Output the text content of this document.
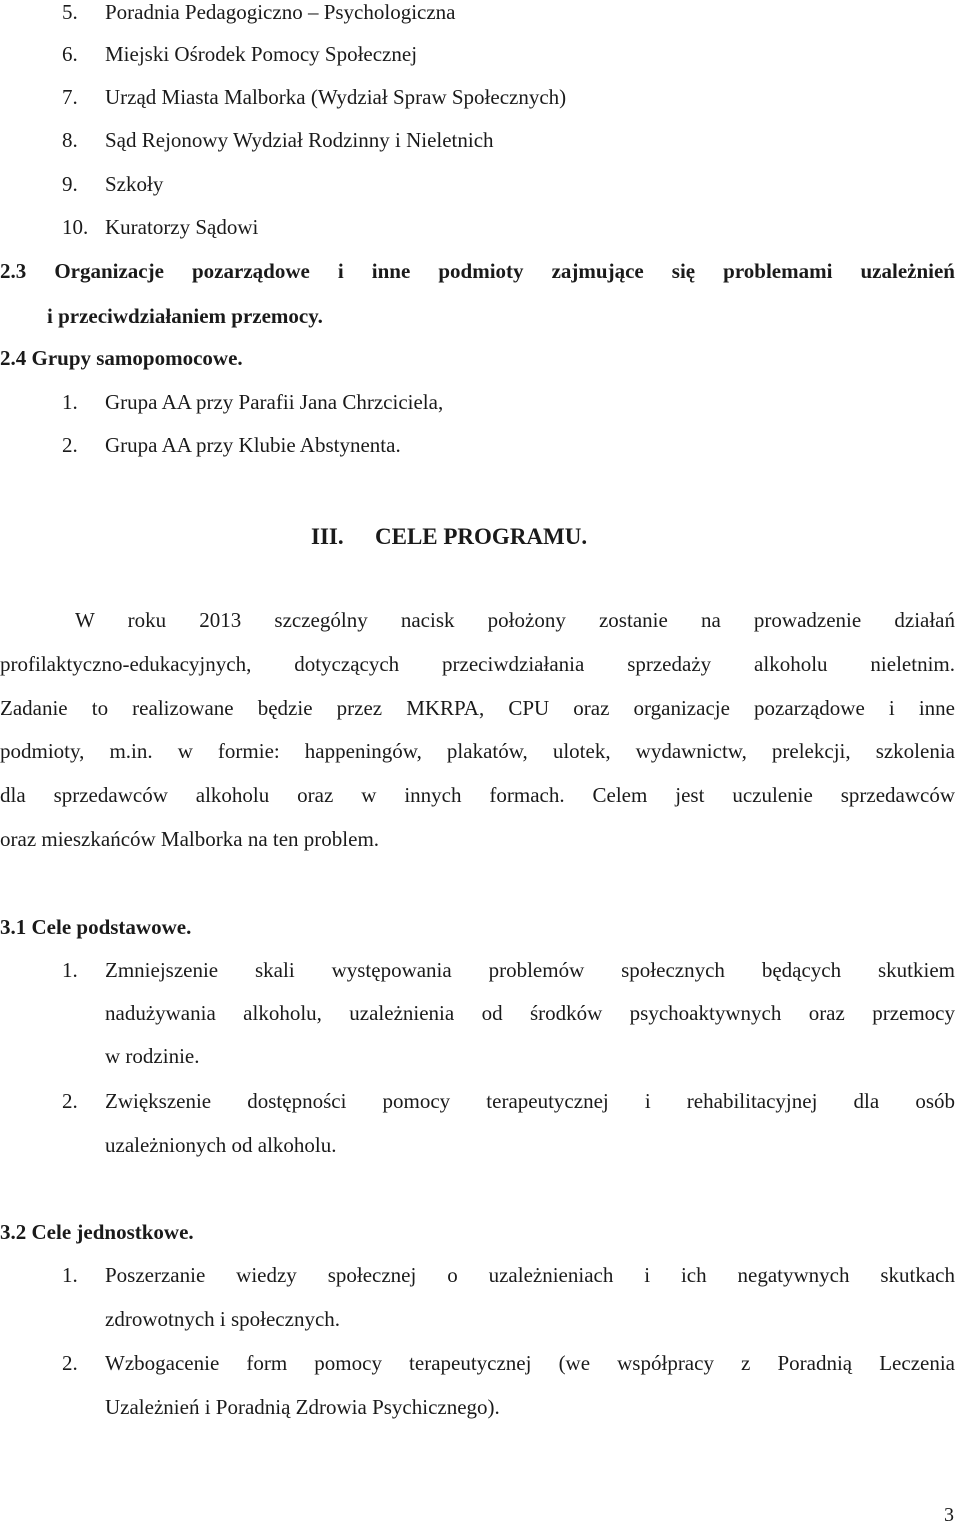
5. Poradnia Pedagogiczno – Psychologiczna
6. Miejski Ośrodek Pomocy Społecznej
7. Urząd Miasta Malborka (Wydział Spraw Społecznych)
8. Sąd Rejonowy Wydział Rodzinny i Nieletnich
9. Szkoły
10. Kuratorzy Sądowi
2.3 Organizacje pozarządowe i inne podmioty zajmujące się problemami uzależnień
i przeciwdziałaniem przemocy.
2.4 Grupy samopomocowe.
1. Grupa AA przy Parafii Jana Chrzciciela,
2. Grupa AA przy Klubie Abstynenta.
III. CELE PROGRAMU.
W roku 2013 szczególny nacisk położony zostanie na prowadzenie działań
profilaktyczno-edukacyjnych, dotyczących przeciwdziałania sprzedaży alkoholu nieletnim.
Zadanie to realizowane będzie przez MKRPA, CPU oraz organizacje pozarządowe i inne
podmioty, m.in. w formie: happeningów, plakatów, ulotek, wydawnictw, prelekcji, szkolenia
dla sprzedawców alkoholu oraz w innych formach. Celem jest uczulenie sprzedawców
oraz mieszkańców Malborka na ten problem.
3.1 Cele podstawowe.
1. Zmniejszenie skali występowania problemów społecznych będących skutkiem
nadużywania alkoholu, uzależnienia od środków psychoaktywnych oraz przemocy
w rodzinie.
2. Zwiększenie dostępności pomocy terapeutycznej i rehabilitacyjnej dla osób
uzależnionych od alkoholu.
3.2 Cele jednostkowe.
1. Poszerzanie wiedzy społecznej o uzależnieniach i ich negatywnych skutkach
zdrowotnych i społecznych.
2. Wzbogacenie form pomocy terapeutycznej (we współpracy z Poradnią Leczenia
Uzależnień i Poradnią Zdrowia Psychicznego).
3
